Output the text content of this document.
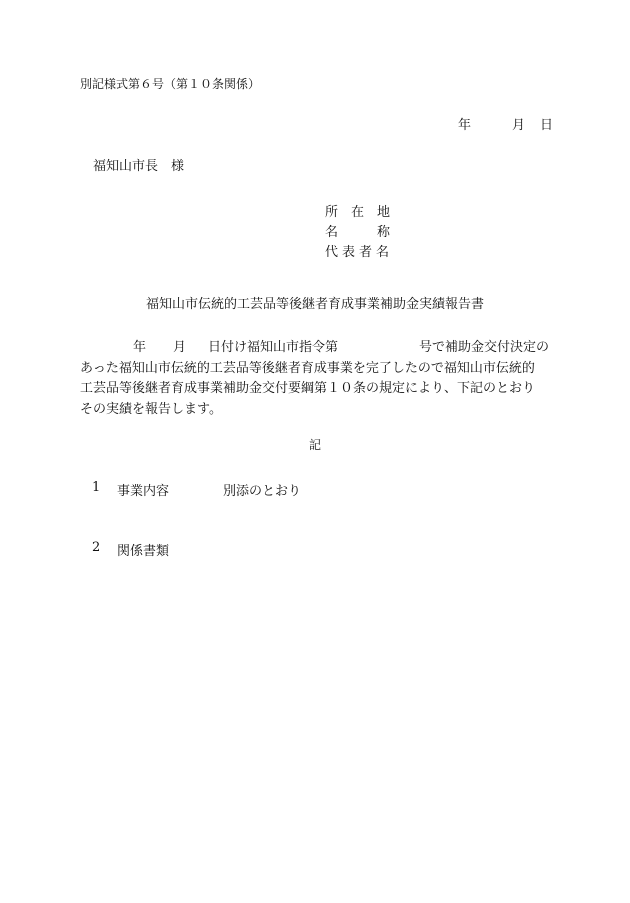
別記様式第６号（第１０条関係）
年	月	日
福知山市長　様
所　在　地
名　　　称
代表者名
福知山市伝統的工芸品等後継者育成事業補助金実績報告書
年	月	日付け福知山市指令第	号で補助金交付決定の
あった福知山市伝統的工芸品等後継者育成事業を完了したので福知山市伝統的
工芸品等後継者育成事業補助金交付要綱第１０条の規定により、下記のとおり
その実績を報告します。
記
1	事業内容	別添のとおり
2	関係書類
